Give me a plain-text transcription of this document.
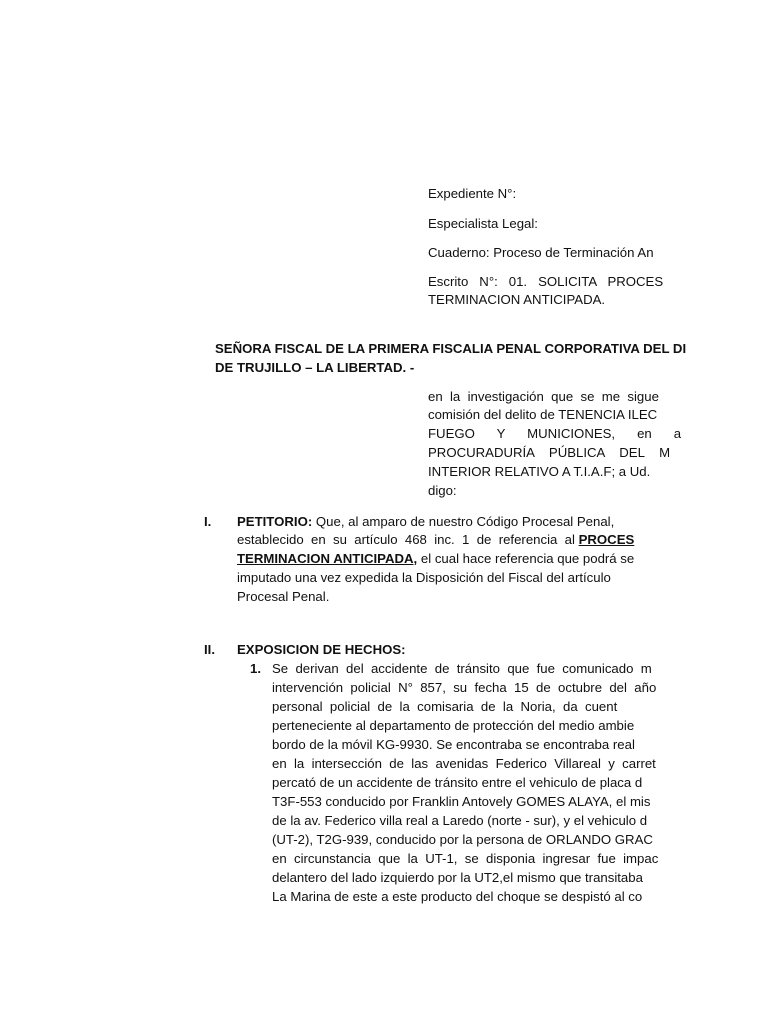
Expediente N°:
Especialista Legal:
Cuaderno: Proceso de Terminación An
Escrito   N°:   01.   SOLICITA   PROCES
TERMINACION ANTICIPADA.
SEÑORA FISCAL DE LA PRIMERA FISCALIA PENAL CORPORATIVA DEL DI
DE TRUJILLO – LA LIBERTAD. -
en  la  investigación  que  se  me  sigue
comisión del delito de TENENCIA ILEC
FUEGO      Y      MUNICIONES,      en      a
PROCURADURÍA    PÚBLICA    DEL    M
INTERIOR RELATIVO A T.I.A.F; a Ud.
digo:
I. PETITORIO: Que, al amparo de nuestro Código Procesal Penal,
establecido  en  su  artículo  468  inc.  1  de  referencia  al PROCES
TERMINACION ANTICIPADA, el cual hace referencia que podrá se
imputado una vez expedida la Disposición del Fiscal del artículo
Procesal Penal.
II. EXPOSICION DE HECHOS:
1. Se  derivan  del  accidente  de  tránsito  que  fue  comunicado  m
intervención  policial  N°  857,  su  fecha  15  de  octubre  del  año
personal  policial  de  la  comisaria  de  la  Noria,  da  cuent
perteneciente al departamento de protección del medio ambie
bordo de la móvil KG-9930. Se encontraba se encontraba real
en  la  intersección  de  las  avenidas  Federico  Villareal  y  carret
percató de un accidente de tránsito entre el vehiculo de placa d
T3F-553 conducido por Franklin Antovely GOMES ALAYA, el mis
de la av. Federico villa real a Laredo (norte - sur), y el vehiculo d
(UT-2), T2G-939, conducido por la persona de ORLANDO GRAC
en  circunstancia  que  la  UT-1,  se  disponia  ingresar  fue  impac
delantero del lado izquierdo por la UT2,el mismo que transitaba
La Marina de este a este producto del choque se despistó al co
